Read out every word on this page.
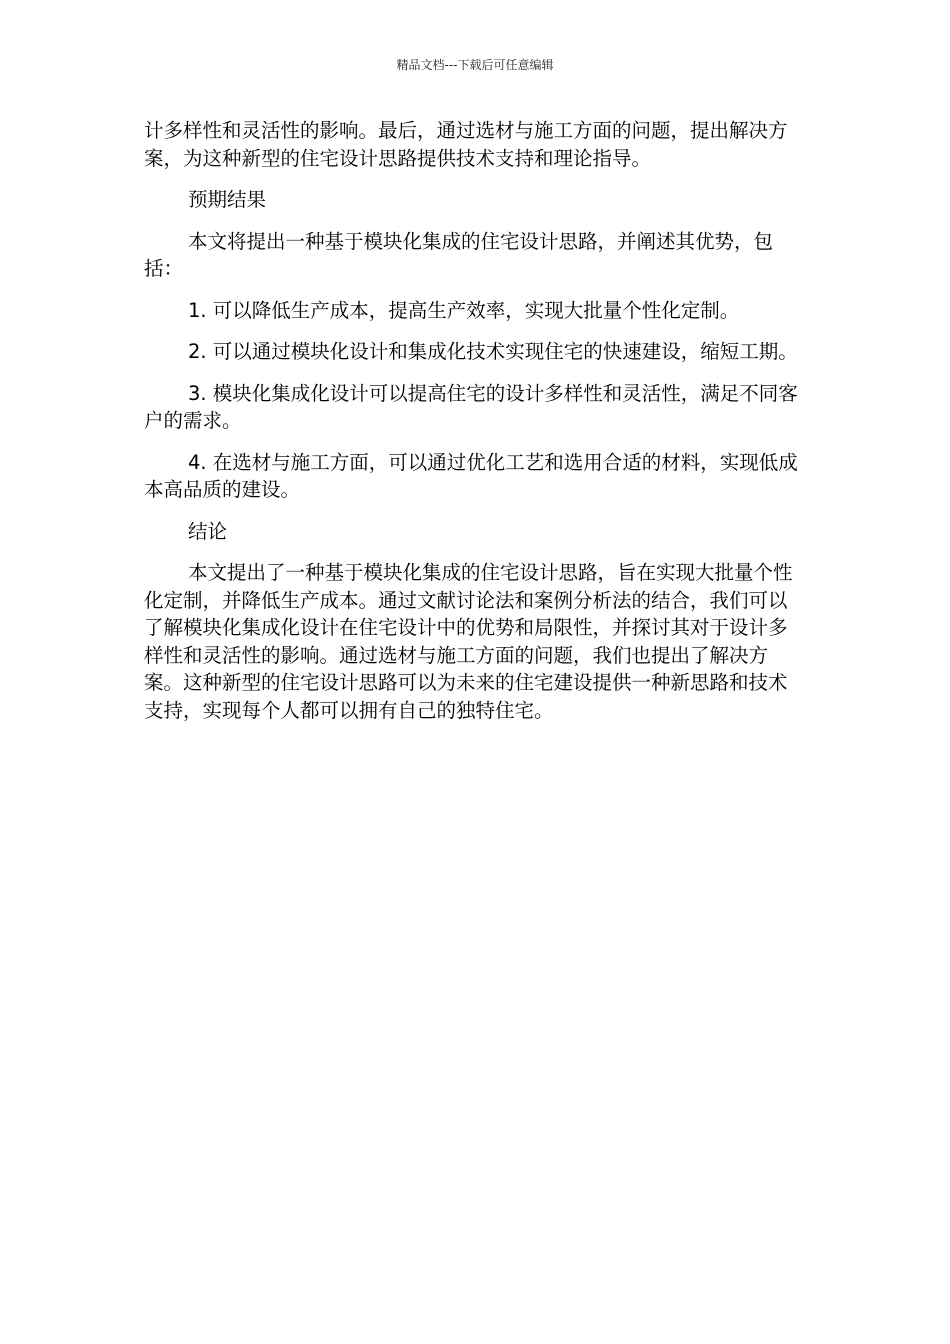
精品文档---下载后可任意编辑

计多样性和灵活性的影响。最后，通过选材与施工方面的问题，提出解决方案，为这种新型的住宅设计思路提供技术支持和理论指导。

预期结果

本文将提出一种基于模块化集成的住宅设计思路，并阐述其优势，包括：

1. 可以降低生产成本，提高生产效率，实现大批量个性化定制。

2. 可以通过模块化设计和集成化技术实现住宅的快速建设，缩短工期。

3. 模块化集成化设计可以提高住宅的设计多样性和灵活性，满足不同客户的需求。

4. 在选材与施工方面，可以通过优化工艺和选用合适的材料，实现低成本高品质的建设。

结论

本文提出了一种基于模块化集成的住宅设计思路，旨在实现大批量个性化定制，并降低生产成本。通过文献讨论法和案例分析法的结合，我们可以了解模块化集成化设计在住宅设计中的优势和局限性，并探讨其对于设计多样性和灵活性的影响。通过选材与施工方面的问题，我们也提出了解决方案。这种新型的住宅设计思路可以为未来的住宅建设提供一种新思路和技术支持，实现每个人都可以拥有自己的独特住宅。
